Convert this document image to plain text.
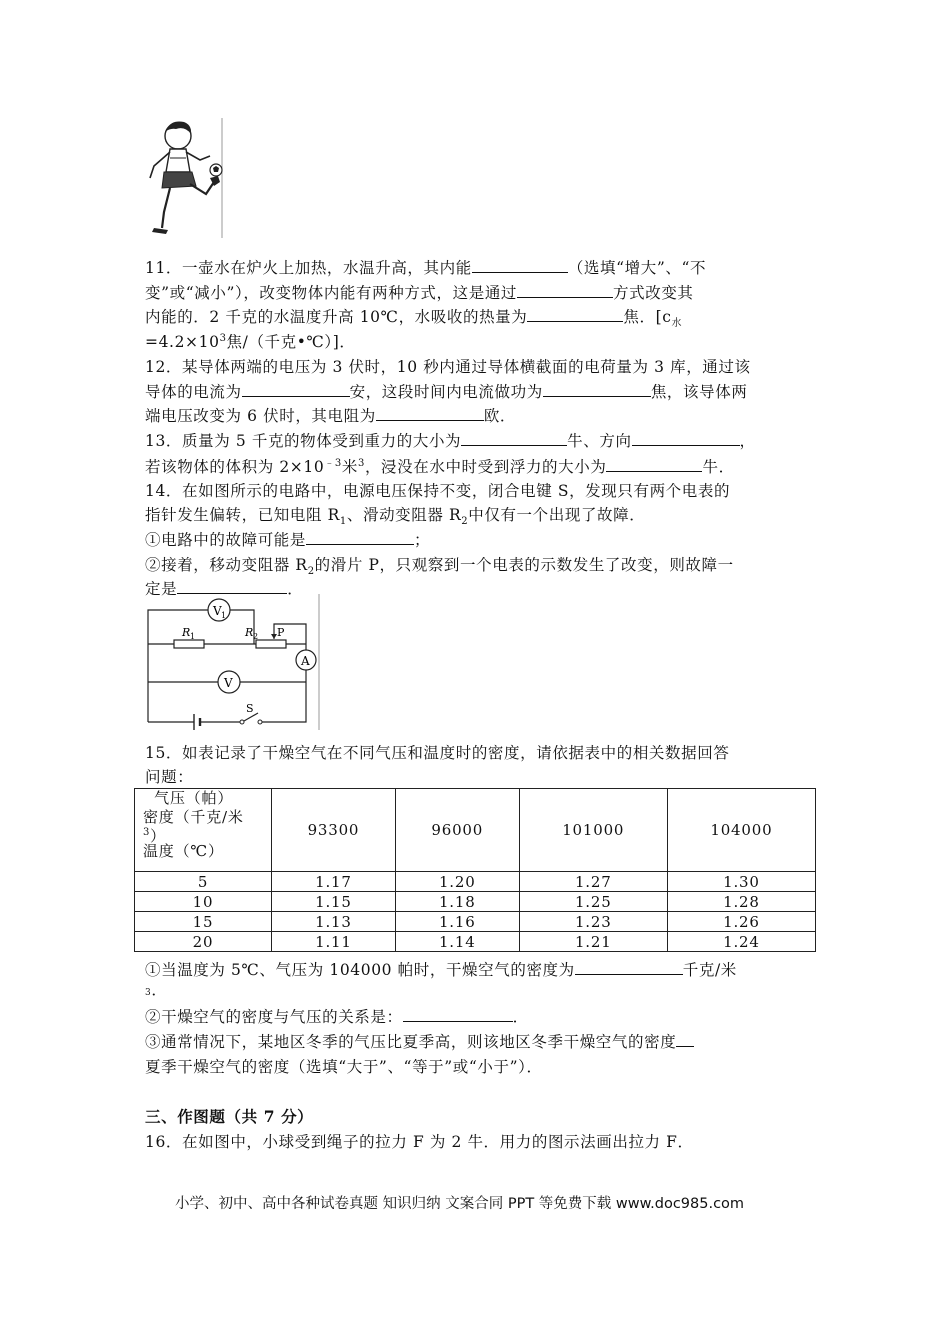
11．一壶水在炉火上加热，水温升高，其内能	（选填“增大”、“不
变”或“减小”），改变物体内能有两种方式，这是通过	方式改变其
内能的．2 千克的水温度升高 10℃，水吸收的热量为	焦．[$c_水$
$=4.2\times 10^3$焦/（千克•℃）]．
12．某导体两端的电压为 3 伏时，10 秒内通过导体横截面的电荷量为 3 库，通过该
导体的电流为	安，这段时间内电流做功为	焦，该导体两
端电压改变为 6 伏时，其电阻为	欧．
13．质量为 5 千克的物体受到重力的大小为	牛、方向	，
若该物体的体积为 $2\times 10^{﹣3}$米$^3$，浸没在水中时受到浮力的大小为	牛．
14．在如图所示的电路中，电源电压保持不变，闭合电键 S，发现只有两个电表的
指针发生偏转，已知电阻 $R_1$、滑动变阻器 $R_2$中仅有一个出现了故障．
①电路中的故障可能是	；
②接着，移动变阻器 $R_2$的滑片 P，只观察到一个电表的示数发生了改变，则故障一
定是	．
V 1
R 1	R 2 P
A
V
S
15．如表记录了干燥空气在不同气压和温度时的密度，请依据表中的相关数据回答
问题：
气压（帕）
密度（千克/米
$^3$）
温度（℃）	93300	96000	101000	104000
5	1.17	1.20	1.27	1.30
10	1.15	1.18	1.25	1.28
15	1.13	1.16	1.23	1.26
20	1.11	1.14	1.21	1.24
①当温度为 5℃、气压为 104000 帕时，干燥空气的密度为	千克/米
3．
②干燥空气的密度与气压的关系是：	．
③通常情况下，某地区冬季的气压比夏季高，则该地区冬季干燥空气的密度
夏季干燥空气的密度（选填“大于”、“等于”或“小于”）．
三、作图题（共 7 分）
16．在如图中，小球受到绳子的拉力 F 为 2 牛．用力的图示法画出拉力 F．
小学、初中、高中各种试卷真题 知识归纳 文案合同 PPT 等免费下载 www.doc985.com
